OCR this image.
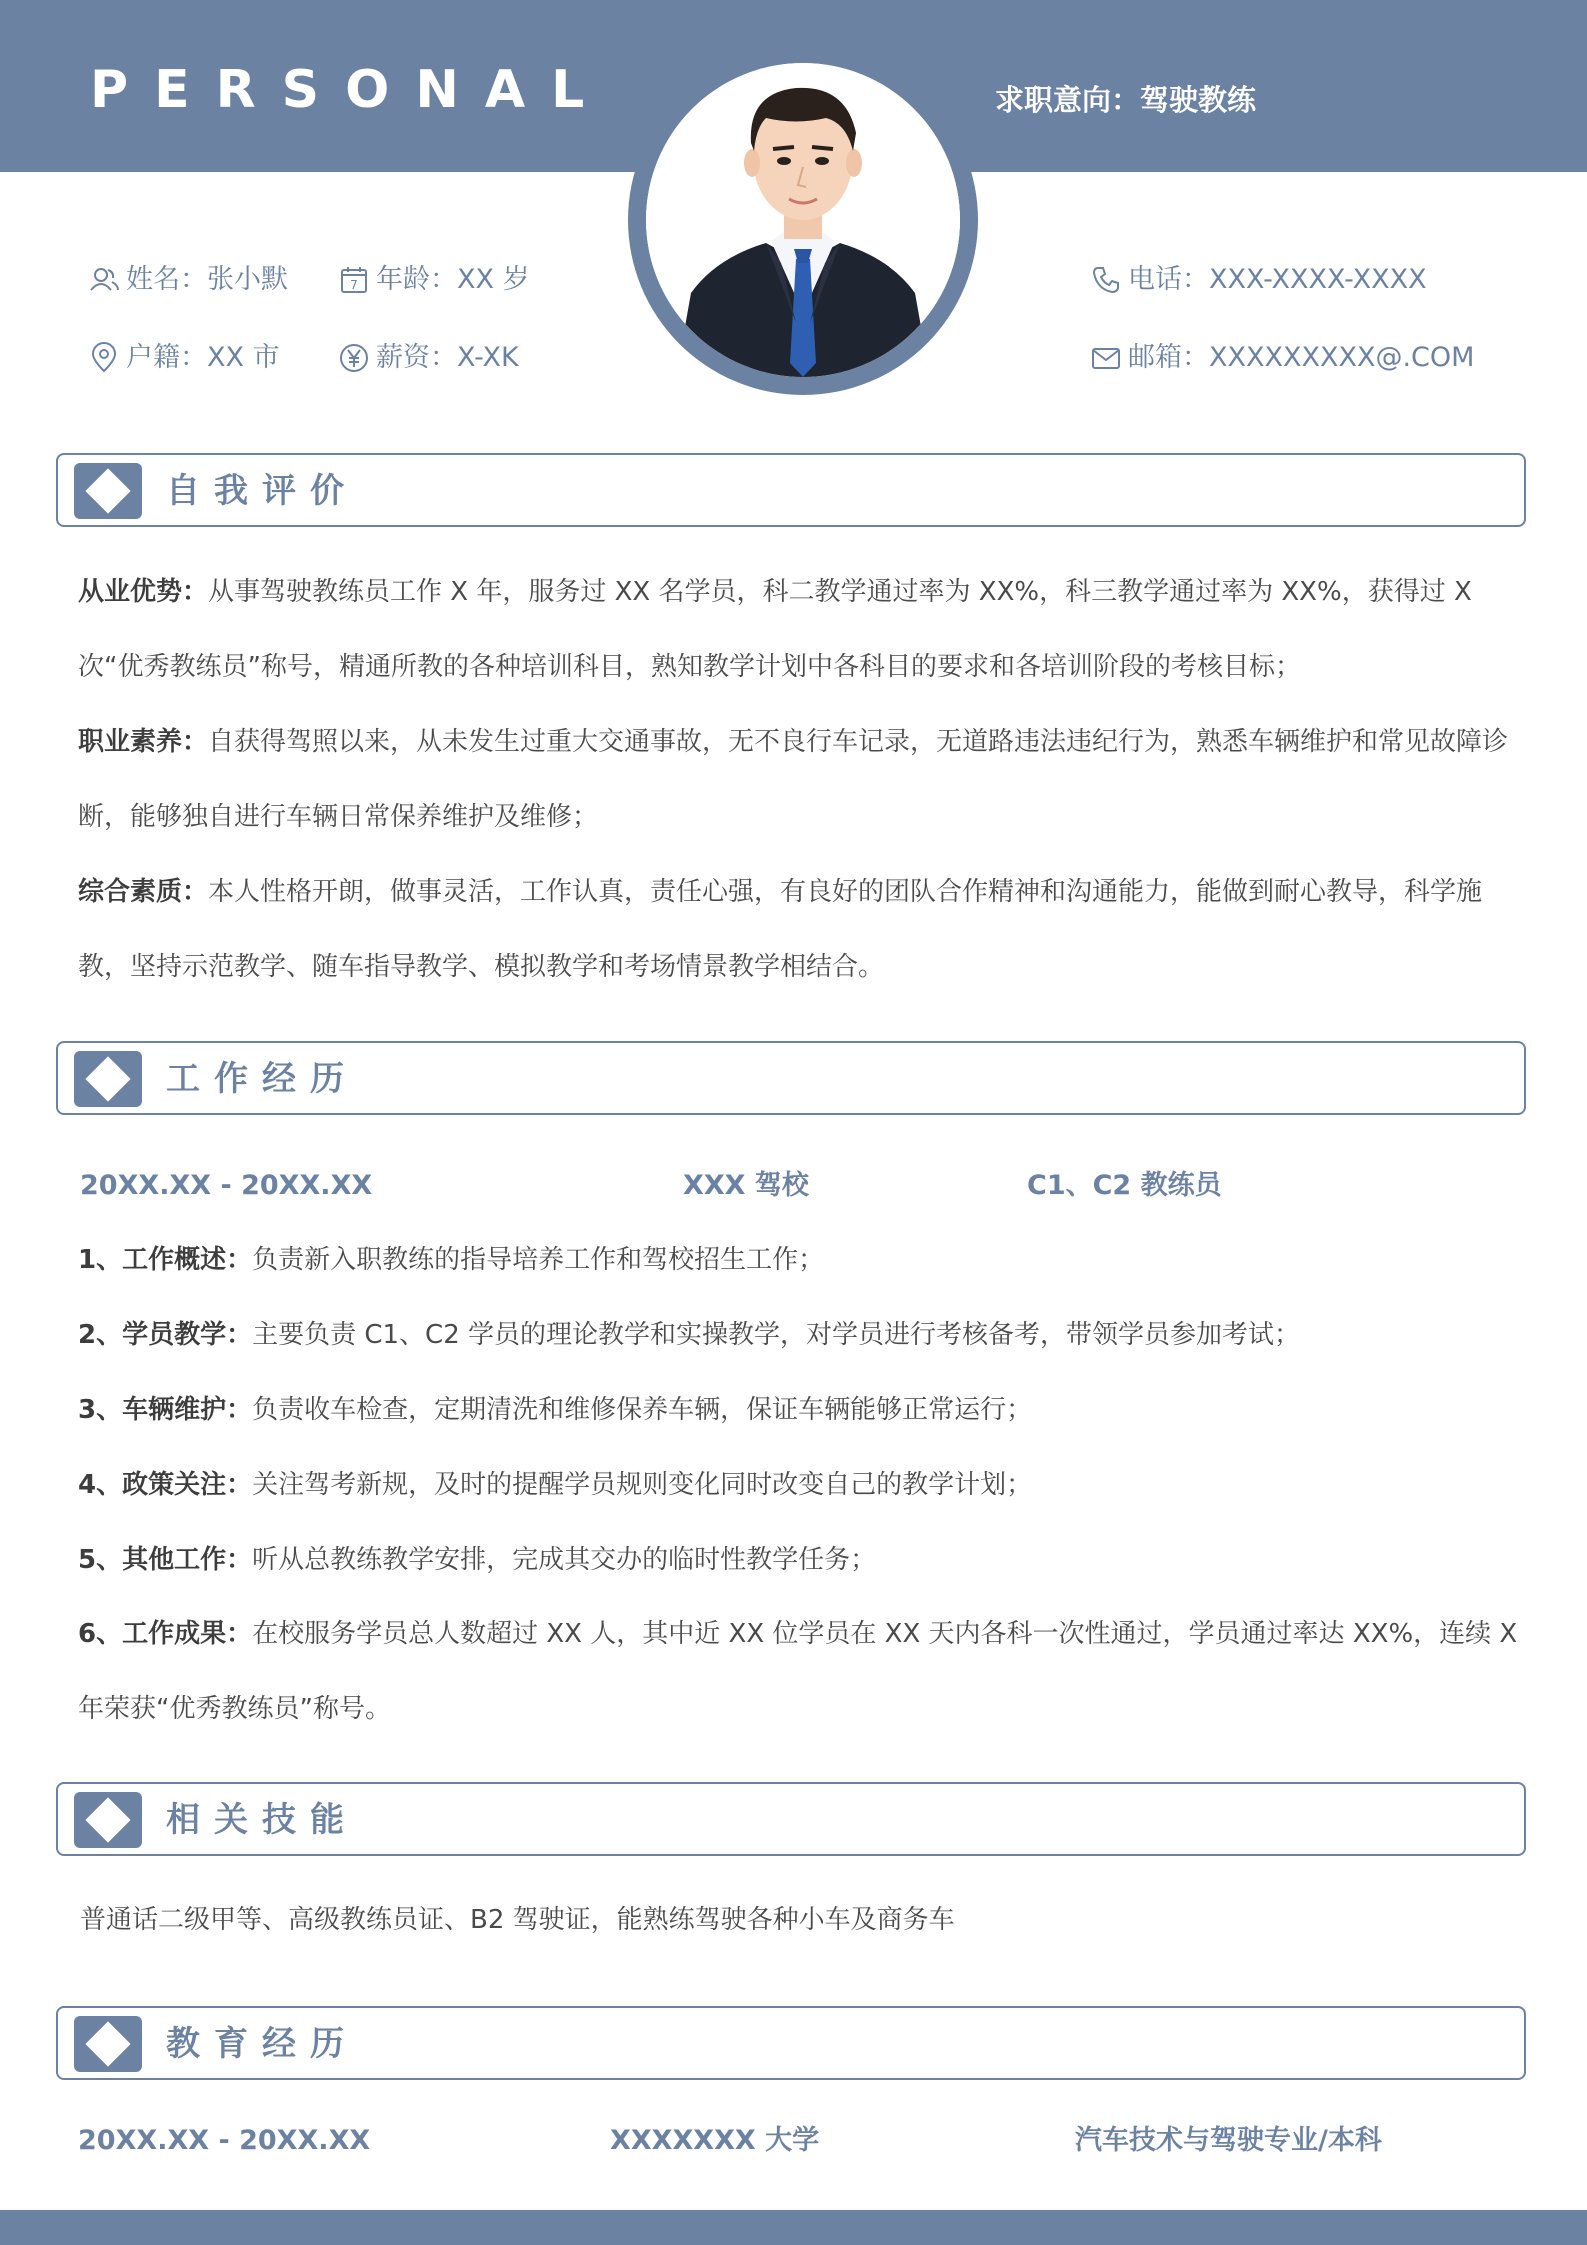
PERSONAL	求职意向：驾驶教练
姓名：张小默	7 年龄：XX 岁
户籍：XX 市	薪资：X-XK
电话：XXX-XXXX-XXXX
邮箱：XXXXXXXXX@.COM
自我评价
从业优势：从事驾驶教练员工作 X 年，服务过 XX 名学员，科二教学通过率为 XX%，科三教学通过率为 XX%，获得过 X 次“优秀教练员”称号，精通所教的各种培训科目，熟知教学计划中各科目的要求和各培训阶段的考核目标；
职业素养：自获得驾照以来，从未发生过重大交通事故，无不良行车记录，无道路违法违纪行为，熟悉车辆维护和常见故障诊断，能够独自进行车辆日常保养维护及维修；
综合素质：本人性格开朗，做事灵活，工作认真，责任心强，有良好的团队合作精神和沟通能力，能做到耐心教导，科学施教，坚持示范教学、随车指导教学、模拟教学和考场情景教学相结合。
工作经历
20XX.XX - 20XX.XX	XXX 驾校	C1、C2 教练员
1、工作概述：负责新入职教练的指导培养工作和驾校招生工作；
2、学员教学：主要负责 C1、C2 学员的理论教学和实操教学，对学员进行考核备考，带领学员参加考试；
3、车辆维护：负责收车检查，定期清洗和维修保养车辆，保证车辆能够正常运行；
4、政策关注：关注驾考新规，及时的提醒学员规则变化同时改变自己的教学计划；
5、其他工作：听从总教练教学安排，完成其交办的临时性教学任务；
6、工作成果：在校服务学员总人数超过 XX 人，其中近 XX 位学员在 XX 天内各科一次性通过，学员通过率达 XX%，连续 X 年荣获“优秀教练员”称号。
相关技能
普通话二级甲等、高级教练员证、B2 驾驶证，能熟练驾驶各种小车及商务车
教育经历
20XX.XX - 20XX.XX	XXXXXXX 大学	汽车技术与驾驶专业/本科
